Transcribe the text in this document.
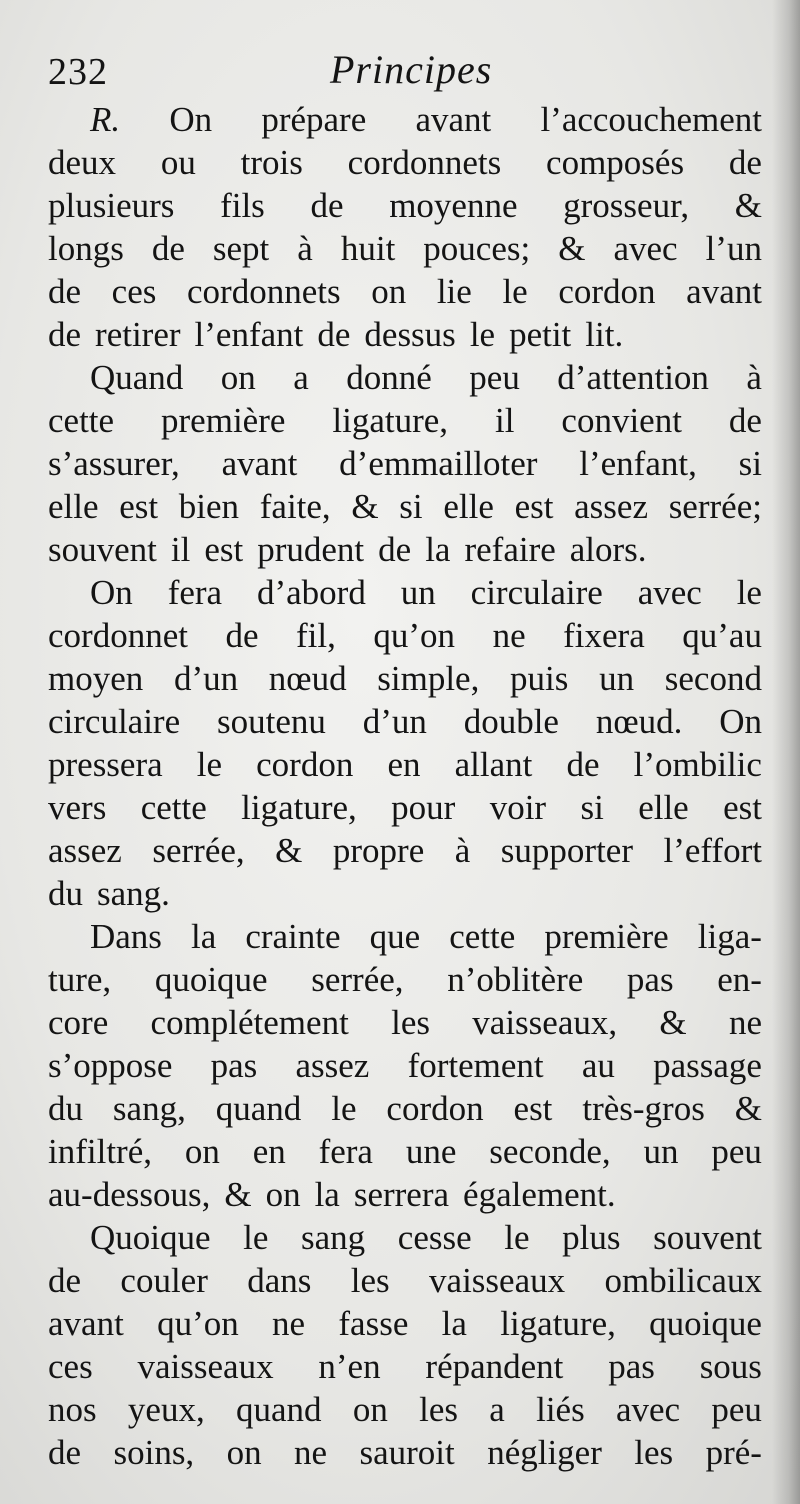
232	Principes
R. On prépare avant l’accouchement
deux ou trois cordonnets composés de
plusieurs fils de moyenne grosseur, &
longs de sept à huit pouces; & avec l’un
de ces cordonnets on lie le cordon avant
de retirer l’enfant de dessus le petit lit.
Quand on a donné peu d’attention à
cette première ligature, il convient de
s’assurer, avant d’emmailloter l’enfant, si
elle est bien faite, & si elle est assez serrée;
souvent il est prudent de la refaire alors.
On fera d’abord un circulaire avec le
cordonnet de fil, qu’on ne fixera qu’au
moyen d’un nœud simple, puis un second
circulaire soutenu d’un double nœud. On
pressera le cordon en allant de l’ombilic
vers cette ligature, pour voir si elle est
assez serrée, & propre à supporter l’effort
du sang.
Dans la crainte que cette première liga-
ture, quoique serrée, n’oblitère pas en-
core complétement les vaisseaux, & ne
s’oppose pas assez fortement au passage
du sang, quand le cordon est très-gros &
infiltré, on en fera une seconde, un peu
au-dessous, & on la serrera également.
Quoique le sang cesse le plus souvent
de couler dans les vaisseaux ombilicaux
avant qu’on ne fasse la ligature, quoique
ces vaisseaux n’en répandent pas sous
nos yeux, quand on les a liés avec peu
de soins, on ne sauroit négliger les pré-
